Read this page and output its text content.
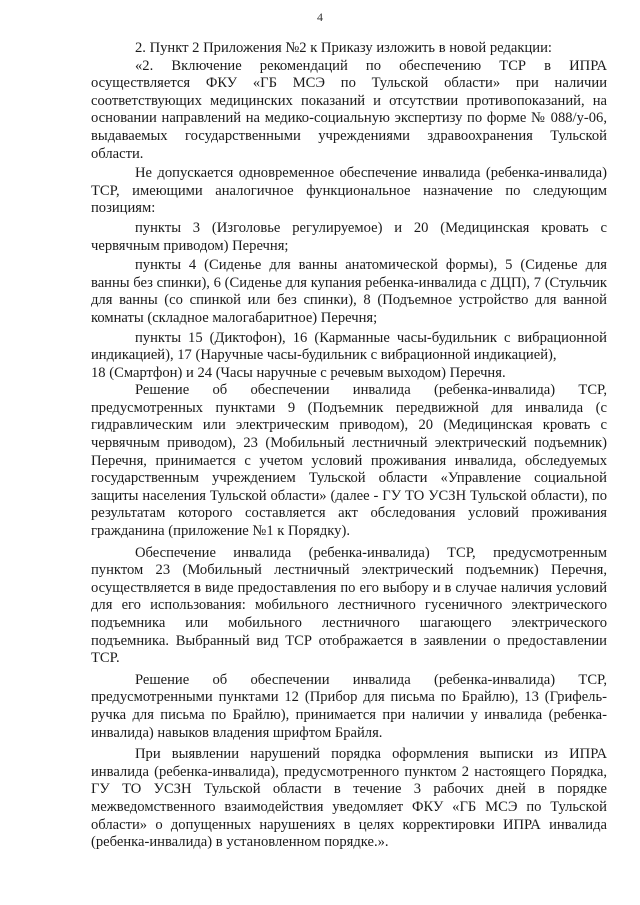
4

2. Пункт 2 Приложения №2 к Приказу изложить в новой редакции:

«2. Включение рекомендаций по обеспечению ТСР в ИПРА осуществляется ФКУ «ГБ МСЭ по Тульской области» при наличии соответствующих медицинских показаний и отсутствии противопоказаний, на основании направлений на медико-социальную экспертизу по форме № 088/у-06, выдаваемых государственными учреждениями здравоохранения Тульской области.

Не допускается одновременное обеспечение инвалида (ребенка-инвалида) ТСР, имеющими аналогичное функциональное назначение по следующим позициям:

пункты 3 (Изголовье регулируемое) и 20 (Медицинская кровать с червячным приводом) Перечня;

пункты 4 (Сиденье для ванны анатомической формы), 5 (Сиденье для ванны без спинки), 6 (Сиденье для купания ребенка-инвалида с ДЦП), 7 (Стульчик для ванны (со спинкой или без спинки), 8 (Подъемное устройство для ванной комнаты (складное малогабаритное) Перечня;

пункты 15 (Диктофон), 16 (Карманные часы-будильник с вибрационной индикацией), 17 (Наручные часы-будильник с вибрационной индикацией),

18 (Смартфон) и 24 (Часы наручные с речевым выходом) Перечня.

Решение об обеспечении инвалида (ребенка-инвалида) ТСР, предусмотренных пунктами 9 (Подъемник передвижной для инвалида (с гидравлическим или электрическим приводом), 20 (Медицинская кровать с червячным приводом), 23 (Мобильный лестничный электрический подъемник) Перечня, принимается с учетом условий проживания инвалида, обследуемых государственным учреждением Тульской области «Управление социальной защиты населения Тульской области» (далее - ГУ ТО УСЗН Тульской области), по результатам которого составляется акт обследования условий проживания гражданина (приложение №1 к Порядку).

Обеспечение инвалида (ребенка-инвалида) ТСР, предусмотренным пунктом 23 (Мобильный лестничный электрический подъемник) Перечня, осуществляется в виде предоставления по его выбору и в случае наличия условий для его использования: мобильного лестничного гусеничного электрического подъемника или мобильного лестничного шагающего электрического подъемника. Выбранный вид ТСР отображается в заявлении о предоставлении ТСР.

Решение об обеспечении инвалида (ребенка-инвалида) ТСР, предусмотренными пунктами 12 (Прибор для письма по Брайлю), 13 (Грифель-ручка для письма по Брайлю), принимается при наличии у инвалида (ребенка-инвалида) навыков владения шрифтом Брайля.

При выявлении нарушений порядка оформления выписки из ИПРА инвалида (ребенка-инвалида), предусмотренного пунктом 2 настоящего Порядка, ГУ ТО УСЗН Тульской области в течение 3 рабочих дней в порядке межведомственного взаимодействия уведомляет ФКУ «ГБ МСЭ по Тульской области» о допущенных нарушениях в целях корректировки ИПРА инвалида (ребенка-инвалида) в установленном порядке.».
